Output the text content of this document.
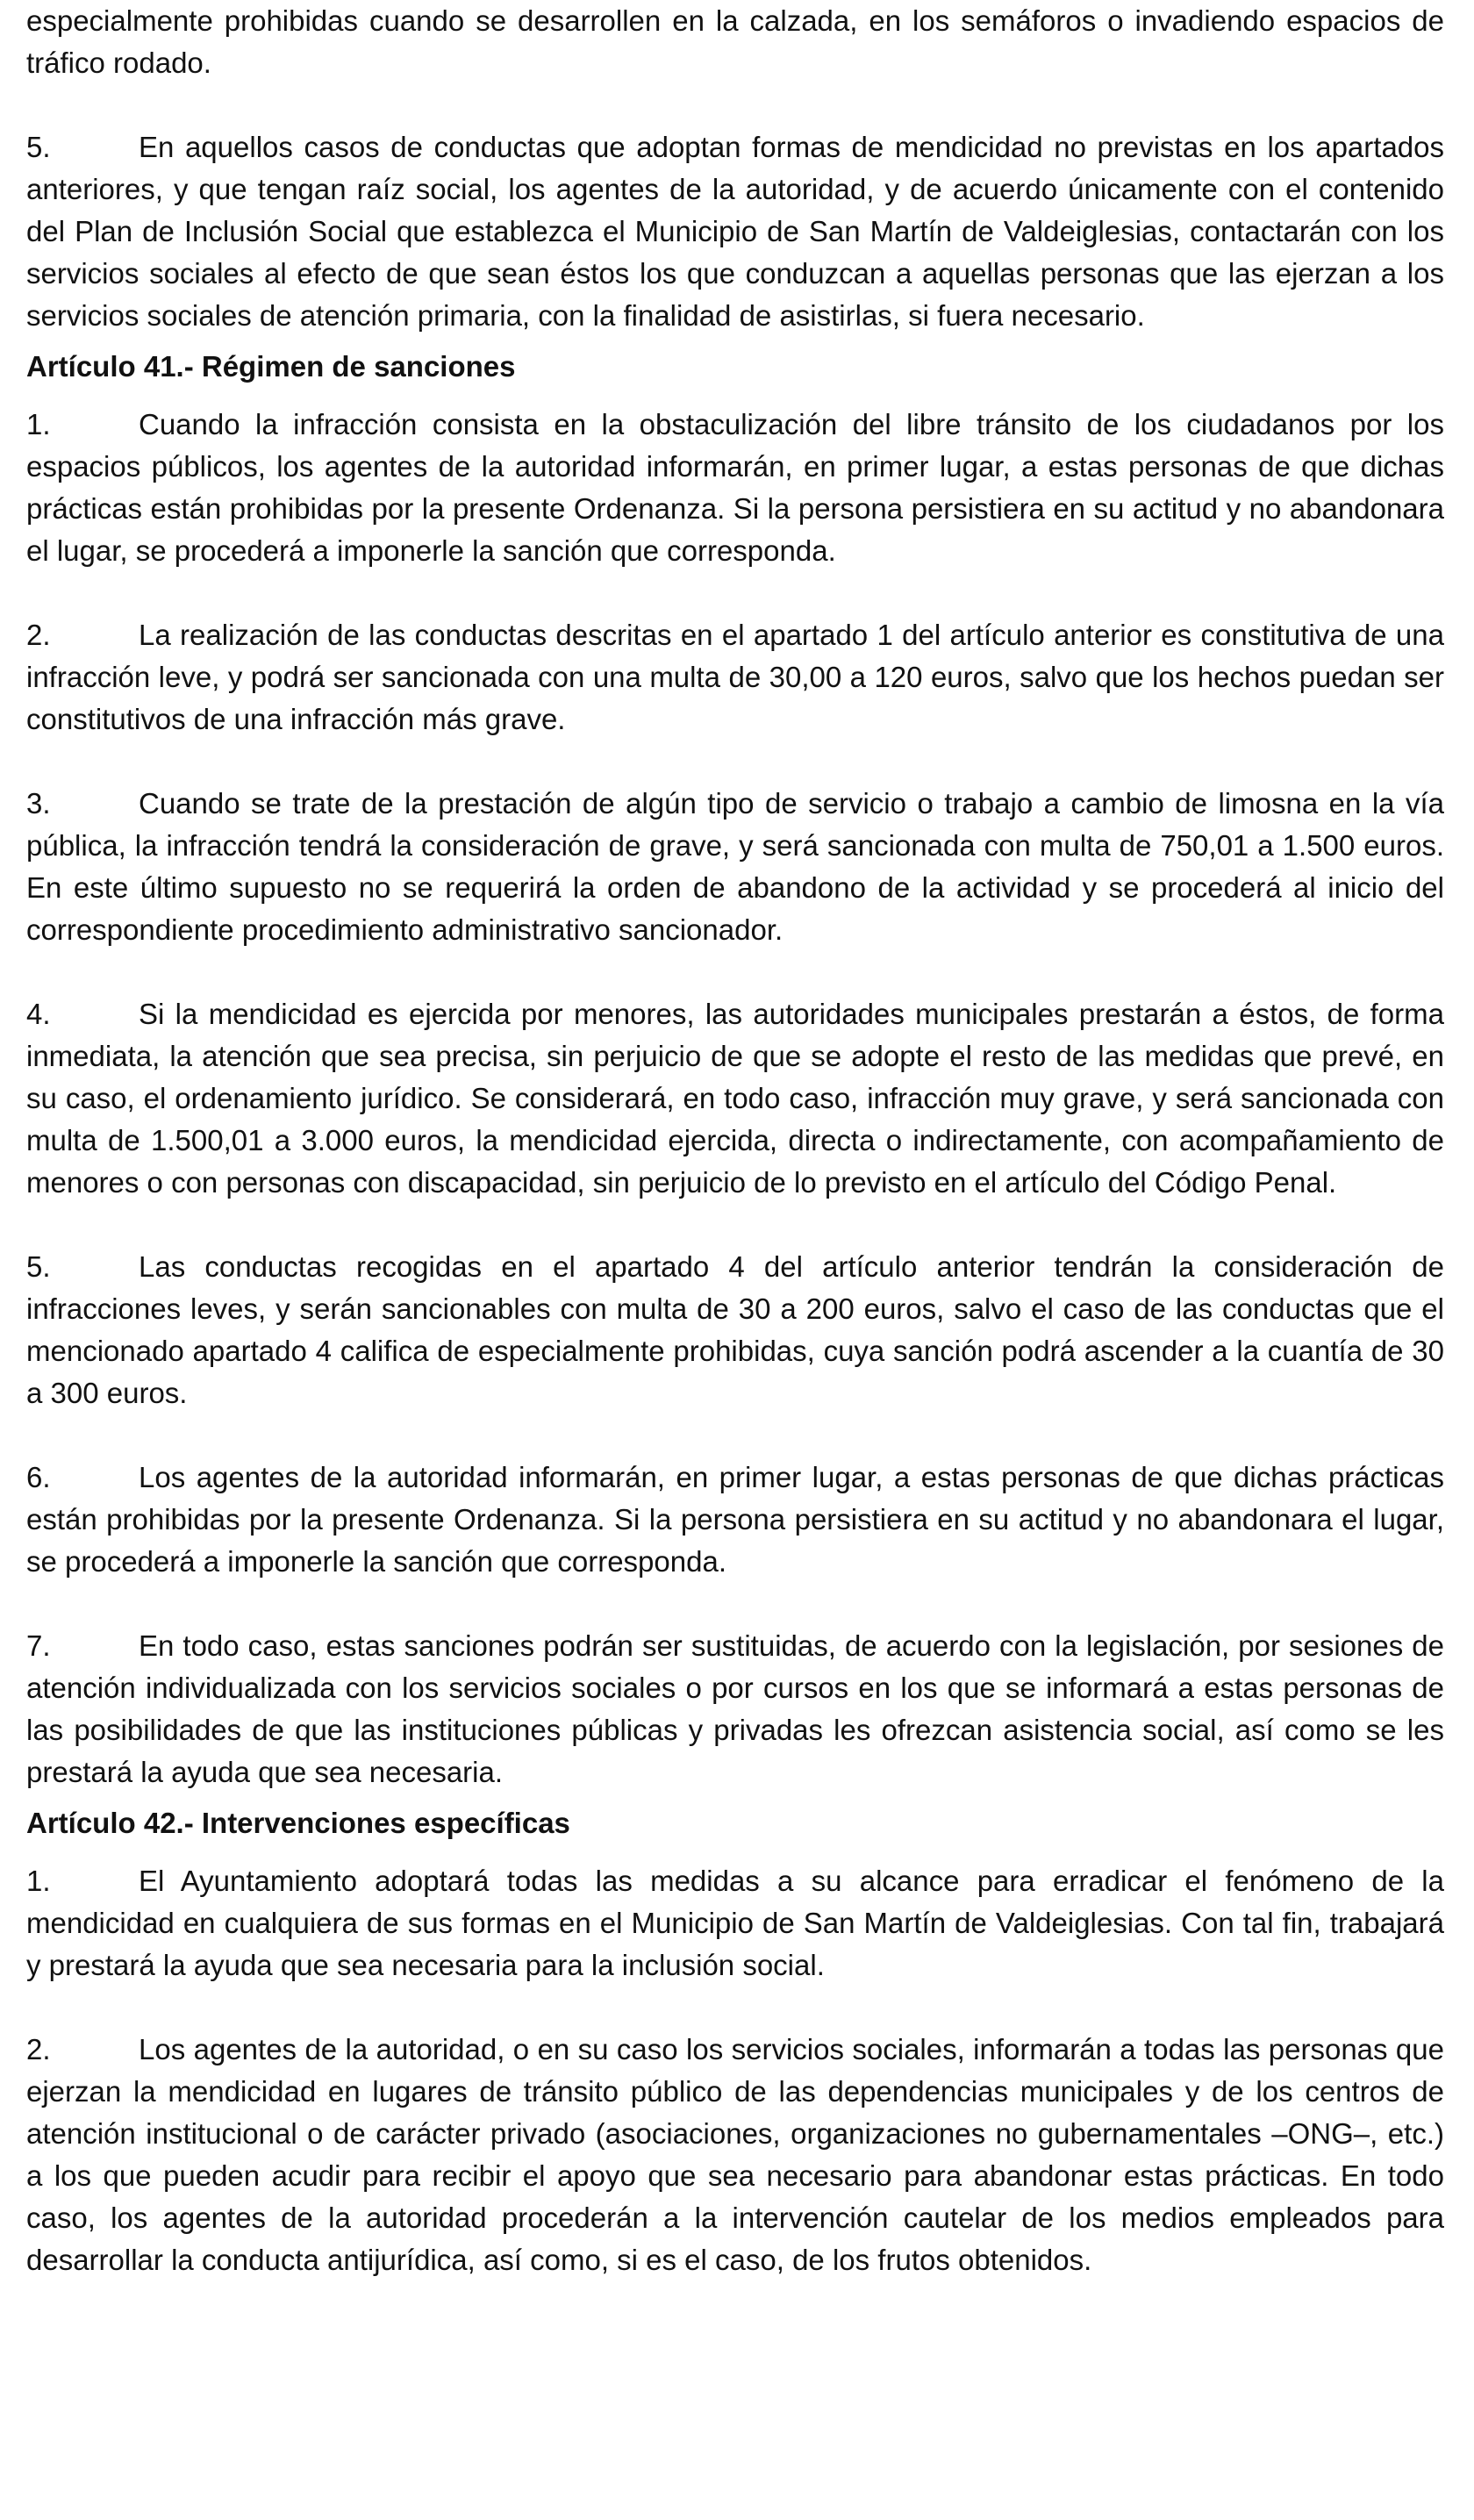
especialmente prohibidas cuando se desarrollen en la calzada, en los semáforos o invadiendo espacios de tráfico rodado.

5.	En aquellos casos de conductas que adoptan formas de mendicidad no previstas en los apartados anteriores, y que tengan raíz social, los agentes de la autoridad, y de acuerdo únicamente con el contenido del Plan de Inclusión Social que establezca el Municipio de San Martín de Valdeiglesias, contactarán con los servicios sociales al efecto de que sean éstos los que conduzcan a aquellas personas que las ejerzan a los servicios sociales de atención primaria, con la finalidad de asistirlas, si fuera necesario.

Artículo 41.- Régimen de sanciones

1.	Cuando la infracción consista en la obstaculización del libre tránsito de los ciudadanos por los espacios públicos, los agentes de la autoridad informarán, en primer lugar, a estas personas de que dichas prácticas están prohibidas por la presente Ordenanza. Si la persona persistiera en su actitud y no abandonara el lugar, se procederá a imponerle la sanción que corresponda.

2.	La realización de las conductas descritas en el apartado 1 del artículo anterior es constitutiva de una infracción leve, y podrá ser sancionada con una multa de 30,00 a 120 euros, salvo que los hechos puedan ser constitutivos de una infracción más grave.

3.	Cuando se trate de la prestación de algún tipo de servicio o trabajo a cambio de limosna en la vía pública, la infracción tendrá la consideración de grave, y será sancionada con multa de 750,01 a 1.500 euros. En este último supuesto no se requerirá la orden de abandono de la actividad y se procederá al inicio del correspondiente procedimiento administrativo sancionador.

4.	Si la mendicidad es ejercida por menores, las autoridades municipales prestarán a éstos, de forma inmediata, la atención que sea precisa, sin perjuicio de que se adopte el resto de las medidas que prevé, en su caso, el ordenamiento jurídico. Se considerará, en todo caso, infracción muy grave, y será sancionada con multa de 1.500,01 a 3.000 euros, la mendicidad ejercida, directa o indirectamente, con acompañamiento de menores o con personas con discapacidad, sin perjuicio de lo previsto en el artículo del Código Penal.

5.	Las conductas recogidas en el apartado 4 del artículo anterior tendrán la consideración de infracciones leves, y serán sancionables con multa de 30 a 200 euros, salvo el caso de las conductas que el mencionado apartado 4 califica de especialmente prohibidas, cuya sanción podrá ascender a la cuantía de 30 a 300 euros.

6.	Los agentes de la autoridad informarán, en primer lugar, a estas personas de que dichas prácticas están prohibidas por la presente Ordenanza. Si la persona persistiera en su actitud y no abandonara el lugar, se procederá a imponerle la sanción que corresponda.

7.	En todo caso, estas sanciones podrán ser sustituidas, de acuerdo con la legislación, por sesiones de atención individualizada con los servicios sociales o por cursos en los que se informará a estas personas de las posibilidades de que las instituciones públicas y privadas les ofrezcan asistencia social, así como se les prestará la ayuda que sea necesaria.

Artículo 42.- Intervenciones específicas

1.	El Ayuntamiento adoptará todas las medidas a su alcance para erradicar el fenómeno de la mendicidad en cualquiera de sus formas en el Municipio de San Martín de Valdeiglesias. Con tal fin, trabajará y prestará la ayuda que sea necesaria para la inclusión social.

2.	Los agentes de la autoridad, o en su caso los servicios sociales, informarán a todas las personas que ejerzan la mendicidad en lugares de tránsito público de las dependencias municipales y de los centros de atención institucional o de carácter privado (asociaciones, organizaciones no gubernamentales –ONG–, etc.) a los que pueden acudir para recibir el apoyo que sea necesario para abandonar estas prácticas. En todo caso, los agentes de la autoridad procederán a la intervención cautelar de los medios empleados para desarrollar la conducta antijurídica, así como, si es el caso, de los frutos obtenidos.
